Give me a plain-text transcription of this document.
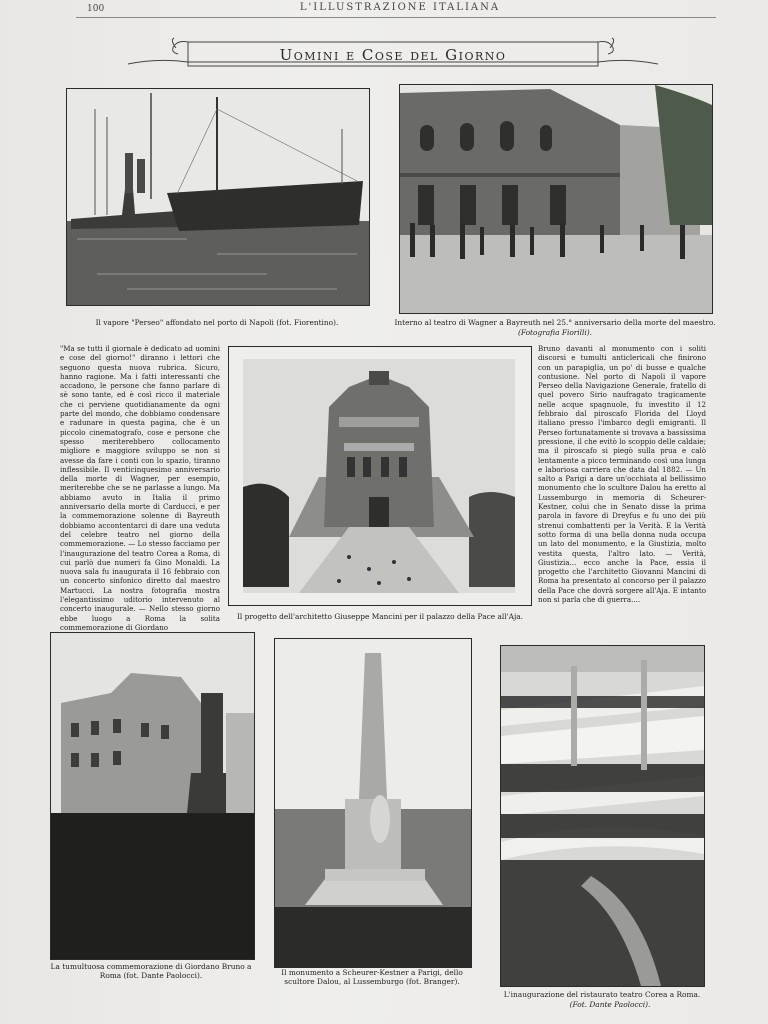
100	L'ILLUSTRAZIONE ITALIANA
Uomini e Cose del Giorno
Il vapore "Perseo" affondato nel porto di Napoli (fot. Fiorentino).	Interno al teatro di Wagner a Bayreuth nel 25.° anniversario della morte del maestro.
(Fotografia Fiorilli).
"Ma se tutti il giornale è dedicato ad uomini e cose del giorno!" diranno i lettori che seguono questa nuova rubrica. Sicuro, hanno ragione. Ma i fatti interessanti che accadono, le persone che fanno parlare di sè sono tante, ed è così ricco il materiale che ci perviene quotidianamente da ogni parte del mondo, che dobbiamo condensare e radunare in questa pagina, che è un piccolo cinematografo, cose e persone che spesso meriterebbero collocamento migliore e maggiore sviluppo se non si avesse da fare i conti con lo spazio, tiranno inflessibile. Il venticinquesimo anniversario della morte di Wagner, per esempio, meriterebbe che se ne parlasse a lungo. Ma abbiamo avuto in Italia il primo anniversario della morte di Carducci, e per la commemorazione solenne di Bayreuth dobbiamo accontentarci di dare una veduta del celebre teatro nel giorno della commemorazione. — Lo stesso facciamo per l'inaugurazione del teatro Corea a Roma, di cui parlò due numeri fa Gino Monaldi. La nuova sala fu inaugurata il 16 febbraio con un concerto sinfonico diretto dal maestro Martucci. La nostra fotografia mostra l'elegantissimo uditorio intervenuto al concerto inaugurale. — Nello stesso giorno ebbe luogo a Roma la solita commemorazione di Giordano
Il progetto dell'architetto Giuseppe Mancini per il palazzo della Pace all'Aja.
Bruno davanti al monumento con i soliti discorsi e tumulti anticlericali che finirono con un parapiglia, un po' di busse e qualche contusione. Nel porto di Napoli il vapore Perseo della Navigazione Generale, fratello di quel povero Sirio naufragato tragicamente nelle acque spagnuole, fu investito il 12 febbraio dal piroscafo Florida del Lloyd italiano presso l'imbarco degli emigranti. Il Perseo fortunatamente si trovava a bassissima pressione, il che evitò lo scoppio delle caldaie; ma il piroscafo si piegò sulla prua e calò lentamente a picco terminando così una lunga e laboriosa carriera che data dal 1882. — Un salto a Parigi a dare un'occhiata al bellissimo monumento che lo scultore Dalou ha eretto al Lussemburgo in memoria di Scheurer-Kestner, colui che in Senato disse la prima parola in favore di Dreyfus e fu uno dei più strenui combattenti per la Verità. E la Verità sotto forma di una bella donna nuda occupa un lato del monumento, e la Giustizia, molto vestita questa, l'altro lato. — Verità, Giustizia... ecco anche la Pace, essia il progetto che l'architetto Giovanni Mancini di Roma ha presentato al concorso per il palazzo della Pace che dovrà sorgere all'Aja. E intanto non si parla che di guerra....
La tumultuosa commemorazione di Giordano Bruno a Roma (fot. Dante Paolocci).	Il monumento a Scheurer-Kestner a Parigi, dello scultore Dalou, al Lussemburgo (fot. Branger).
L'inaugurazione del ristaurato teatro Corea a Roma.
(Fot. Dante Paolocci).
